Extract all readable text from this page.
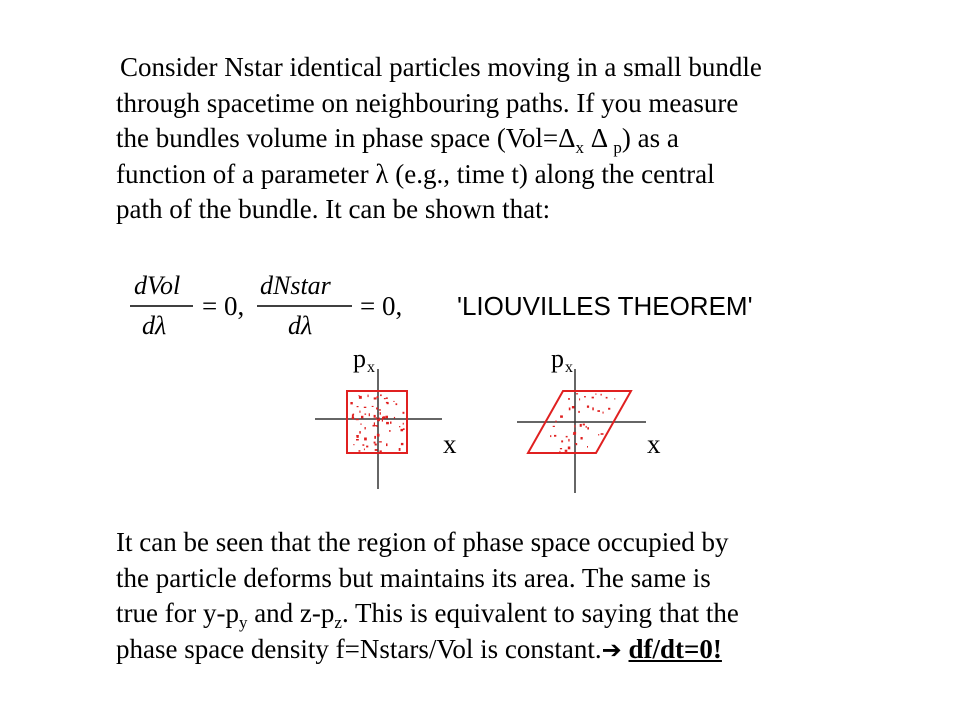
Consider Nstar identical particles moving in a small bundle
through spacetime on neighbouring paths. If you measure
the bundles volume in phase space ($Vol=\Delta_x$ Δ $_p$) as a
function of a parameter λ (e.g., time t) along the central
path of the bundle. It can be shown that:
dVol
dλ
= 0,
dNstar
dλ
= 0, 'LIOUVILLES THEOREM'
p x
x
p x
x
It can be seen that the region of phase space occupied by
the particle deforms but maintains its area. The same is
true for $y-p_y$ and $z-p_z$. This is equivalent to saying that the
phase space density f=Nstars/Vol is constant.➔ df/dt=0!
